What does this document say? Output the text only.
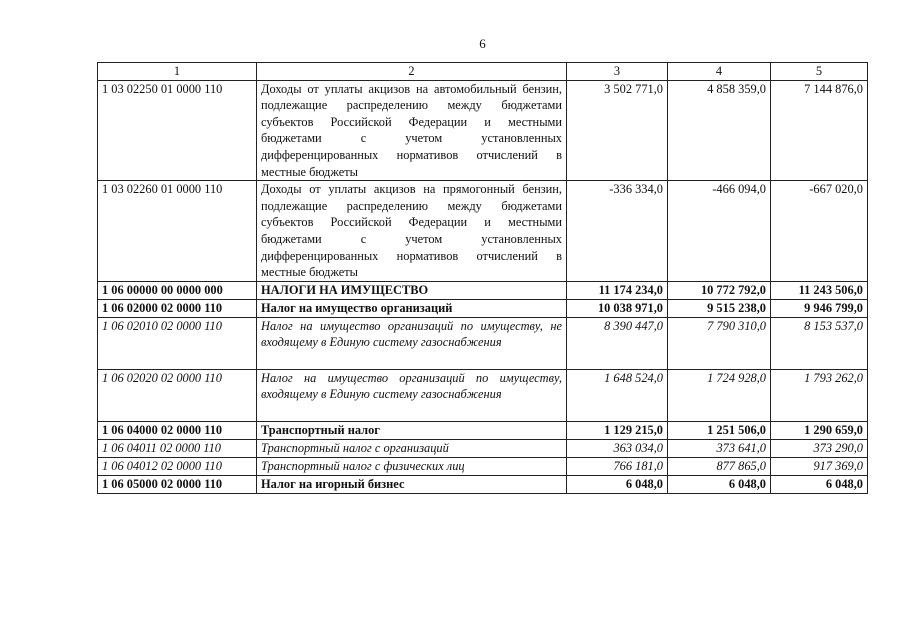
6
1	2	3	4	5
1 03 02250 01 0000 110	Доходы от уплаты акцизов на автомобильный бензин, подлежащие распределению между бюджетами субъектов Российской Федерации и местными бюджетами с учетом установленных дифференцированных нормативов отчислений в местные бюджеты	3 502 771,0	4 858 359,0	7 144 876,0
1 03 02260 01 0000 110	Доходы от уплаты акцизов на прямогонный бензин, подлежащие распределению между бюджетами субъектов Российской Федерации и местными бюджетами с учетом установленных дифференцированных нормативов отчислений в местные бюджеты	-336 334,0	-466 094,0	-667 020,0
1 06 00000 00 0000 000	НАЛОГИ НА ИМУЩЕСТВО	11 174 234,0	10 772 792,0	11 243 506,0
1 06 02000 02 0000 110	Налог на имущество организаций	10 038 971,0	9 515 238,0	9 946 799,0
1 06 02010 02 0000 110	Налог на имущество организаций по имуществу, не входящему в Единую систему газоснабжения	8 390 447,0	7 790 310,0	8 153 537,0
1 06 02020 02 0000 110	Налог на имущество организаций по имуществу, входящему в Единую систему газоснабжения	1 648 524,0	1 724 928,0	1 793 262,0
1 06 04000 02 0000 110	Транспортный налог	1 129 215,0	1 251 506,0	1 290 659,0
1 06 04011 02 0000 110	Транспортный налог с организаций	363 034,0	373 641,0	373 290,0
1 06 04012 02 0000 110	Транспортный налог с физических лиц	766 181,0	877 865,0	917 369,0
1 06 05000 02 0000 110	Налог на игорный бизнес	6 048,0	6 048,0	6 048,0
